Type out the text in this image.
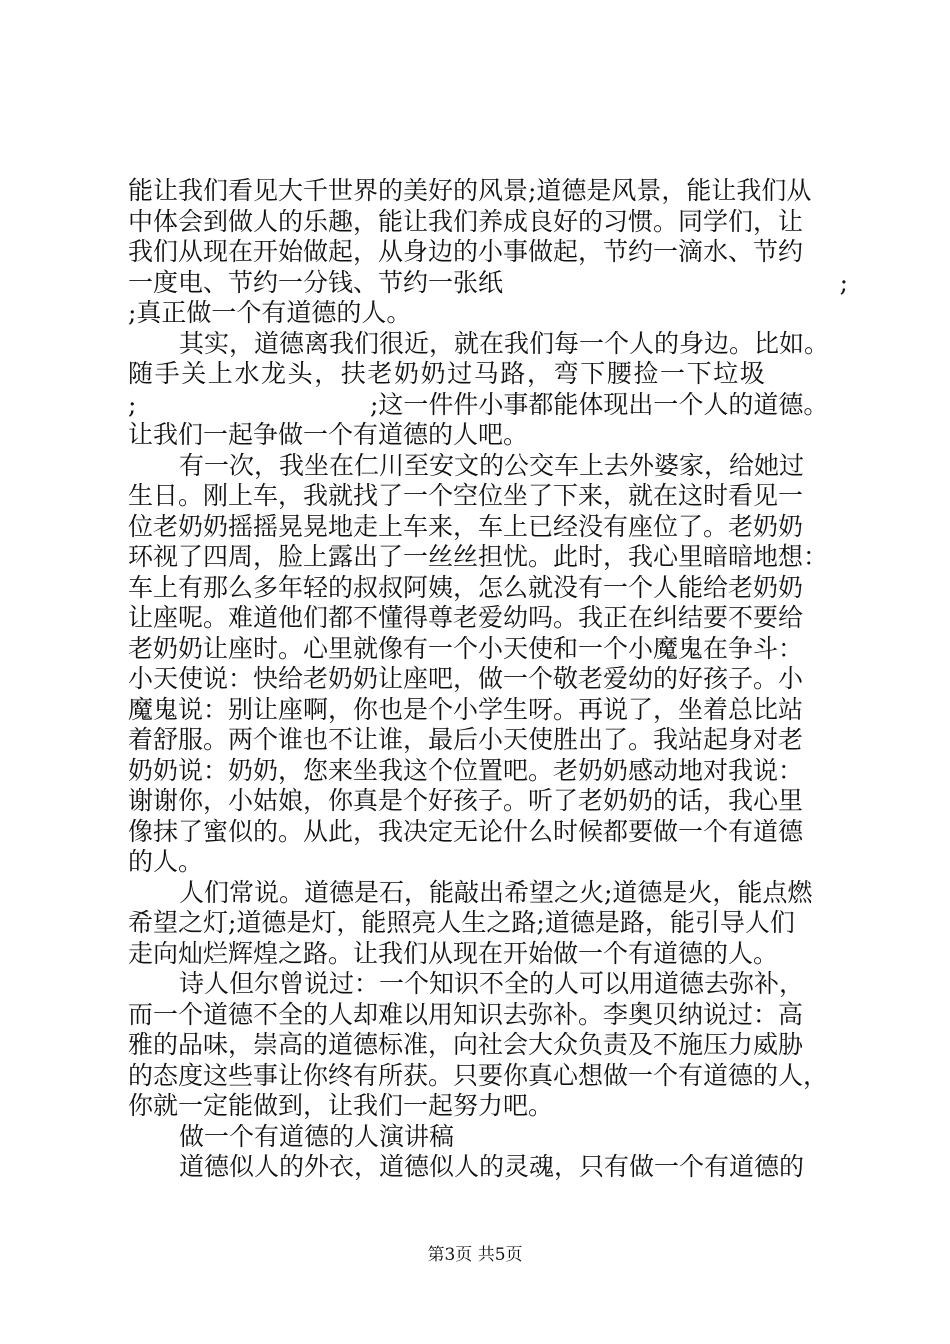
能让我们看见大千世界的美好的风景;道德是风景，能让我们从
中体会到做人的乐趣，能让我们养成良好的习惯。同学们，让
我们从现在开始做起，从身边的小事做起，节约一滴水、节约
一度电、节约一分钱、节约一张纸	;
;真正做一个有道德的人。
其实，道德离我们很近，就在我们每一个人的身边。比如。
随手关上水龙头，扶老奶奶过马路，弯下腰捡一下垃圾
;	;这一件件小事都能体现出一个人的道德。
让我们一起争做一个有道德的人吧。
有一次，我坐在仁川至安文的公交车上去外婆家，给她过
生日。刚上车，我就找了一个空位坐了下来，就在这时看见一
位老奶奶摇摇晃晃地走上车来，车上已经没有座位了。老奶奶
环视了四周，脸上露出了一丝丝担忧。此时，我心里暗暗地想：
车上有那么多年轻的叔叔阿姨，怎么就没有一个人能给老奶奶
让座呢。难道他们都不懂得尊老爱幼吗。我正在纠结要不要给
老奶奶让座时。心里就像有一个小天使和一个小魔鬼在争斗：
小天使说：快给老奶奶让座吧，做一个敬老爱幼的好孩子。小
魔鬼说：别让座啊，你也是个小学生呀。再说了，坐着总比站
着舒服。两个谁也不让谁，最后小天使胜出了。我站起身对老
奶奶说：奶奶，您来坐我这个位置吧。老奶奶感动地对我说：
谢谢你，小姑娘，你真是个好孩子。听了老奶奶的话，我心里
像抹了蜜似的。从此，我决定无论什么时候都要做一个有道德
的人。
人们常说。道德是石，能敲出希望之火;道德是火，能点燃
希望之灯;道德是灯，能照亮人生之路;道德是路，能引导人们
走向灿烂辉煌之路。让我们从现在开始做一个有道德的人。
诗人但尔曾说过：一个知识不全的人可以用道德去弥补，
而一个道德不全的人却难以用知识去弥补。李奥贝纳说过：高
雅的品味，崇高的道德标准，向社会大众负责及不施压力威胁
的态度这些事让你终有所获。只要你真心想做一个有道德的人，
你就一定能做到，让我们一起努力吧。
做一个有道德的人演讲稿
道德似人的外衣，道德似人的灵魂，只有做一个有道德的
第3页 共5页
